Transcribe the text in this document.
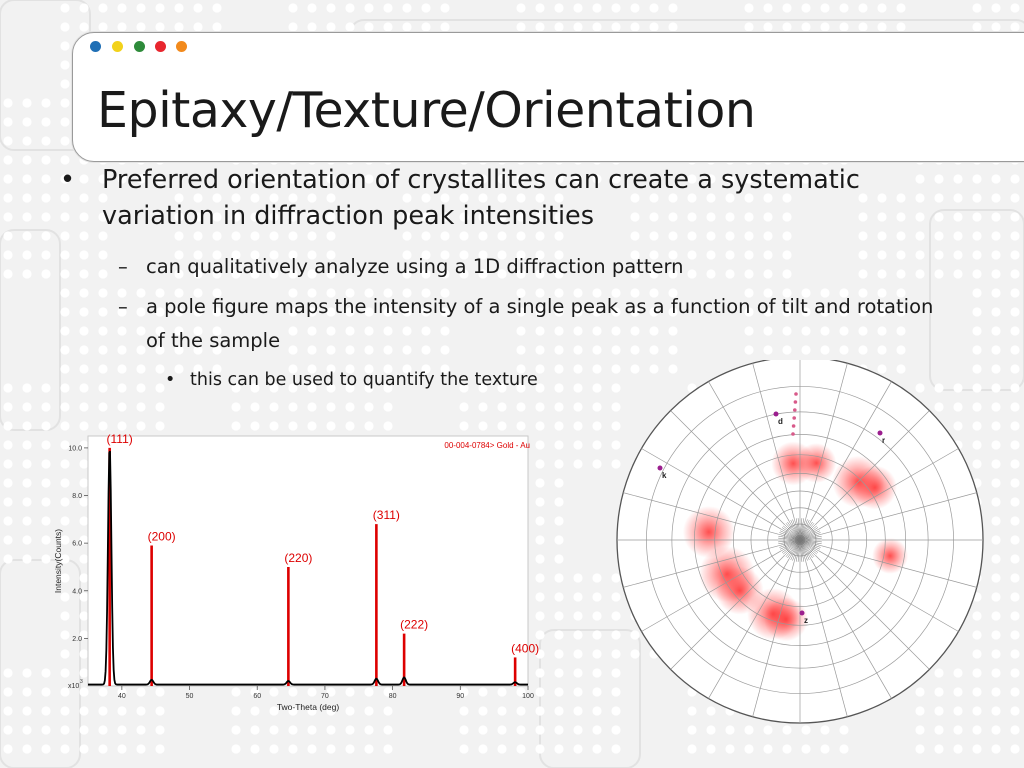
Epitaxy/Texture/Orientation
• Preferred orientation of crystallites can create a systematic variation in diffraction peak intensities
– can qualitatively analyze using a 1D diffraction pattern
– a pole figure maps the intensity of a single peak as a function of tilt and rotation of the sample
• this can be used to quantify the texture
2.0
4.0
6.0
8.0
10.0
40	50	60	70	80	90	100
x10
3
Two-Theta (deg)
Intensity(Counts)
00-004-0784> Gold - Au
(111)
(200)
(220)
(311)
(222)
(400)
d
r
k
z
